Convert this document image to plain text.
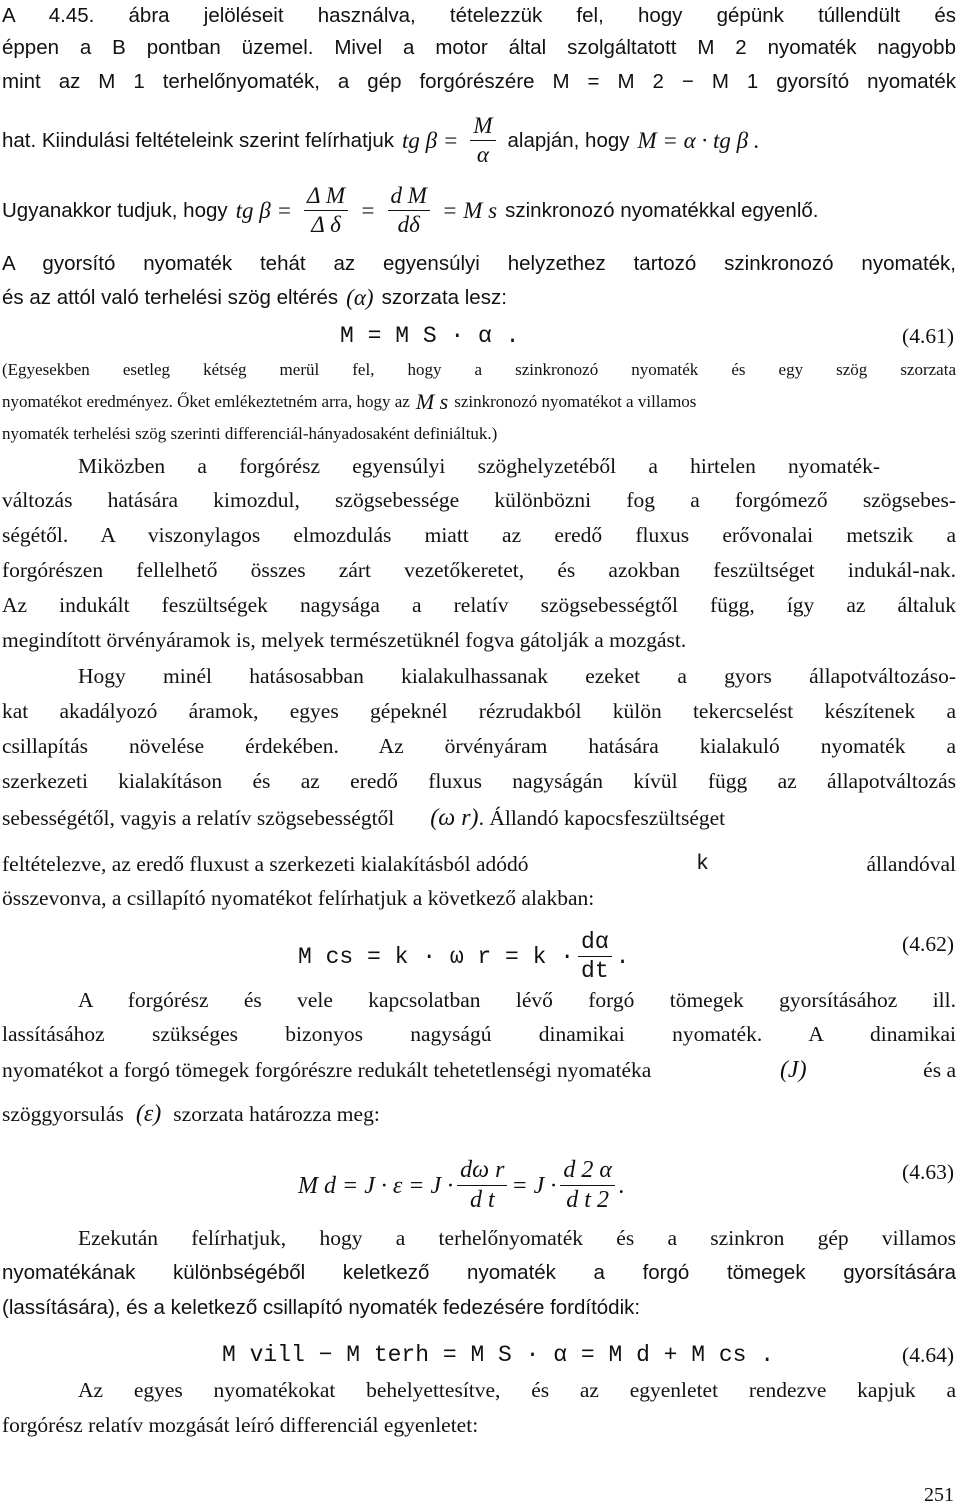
A 4.45. ábra jelöléseit használva, tételezzük fel, hogy gépünk túllendült és
éppen a B pontban üzemel. Mivel a motor által szolgáltatott M 2 nyomaték nagyobb
mint az M 1 terhelőnyomaték, a gép forgórészére M = M 2 − M 1 gyorsító nyomaték
hat. Kiindulási feltételeink szerint felírhatjuk tg $\beta = \frac{M}{\alpha}$ alapján, hogy M = α · tg β .
Ugyanakkor tudjuk, hogy tg $\beta = \frac{\text{Δ M}}{\text{Δ δ}} = \frac{\text{d M}}{d\delta} = M$ s szinkronozó nyomatékkal egyenlő.
A gyorsító nyomaték tehát az egyensúlyi helyzethez tartozó szinkronozó nyomaték,
és az attól való terhelési szög eltérés (α) szorzata lesz:
M = M S · α .	(4.61)
(Egyesekben esetleg kétség merül fel, hogy a szinkronozó nyomaték és egy szög szorzata
nyomatékot eredményez. Őket emlékeztetném arra, hogy az M s szinkronozó nyomatékot a villamos
nyomaték terhelési szög szerinti differenciál-hányadosaként definiáltuk.)
Miközben a forgórész egyensúlyi szöghelyzetéből a hirtelen nyomaték-
változás hatására kimozdul, szögsebessége különbözni fog a forgómező szögsebes-
ségétől. A viszonylagos elmozdulás miatt az eredő fluxus erővonalai metszik a
forgórészen fellelhető összes zárt vezetőkeretet, és azokban feszültséget indukál-nak.
Az indukált feszültségek nagysága a relatív szögsebességtől függ, így az általuk
megindított örvényáramok is, melyek természetüknél fogva gátolják a mozgást.
Hogy minél hatásosabban kialakulhassanak ezeket a gyors állapotváltozáso-
kat akadályozó áramok, egyes gépeknél rézrudakból külön tekercselést készítenek a
csillapítás növelése érdekében. Az örvényáram hatására kialakuló nyomaték a
szerkezeti kialakításon és az eredő fluxus nagyságán kívül függ az állapotváltozás
sebességétől, vagyis a relatív szögsebességtől (ω r) . Állandó kapocsfeszültséget
feltételezve, az eredő fluxust a szerkezeti kialakításból adódó	k	állandóval
összevonva, a csillapító nyomatékot felírhatjuk a következő alakban:
M cs = k · ω $r = k \cdot \frac{d\alpha}{dt}$ .	(4.62)
A forgórész és vele kapcsolatban lévő forgó tömegek gyorsításához ill.
lassításához szükséges bizonyos nagyságú dinamikai nyomaték. A dinamikai
nyomatékot a forgó tömegek forgórészre redukált tehetetlenségi nyomatéka	(J)	és a
szöggyorsulás (ε) szorzata határozza meg:
M $d = J \cdot \varepsilon = J \cdot \frac{\text{dω r}}{\text{d t}} = J \cdot \frac{d 2 \alpha}{\text{d t 2}}$ .
(4.63)
Ezekután felírhatjuk, hogy a terhelőnyomaték és a szinkron gép villamos
nyomatékának különbségéből keletkező nyomaték a forgó tömegek gyorsítására
(lassítására), és a keletkező csillapító nyomaték fedezésére fordítódik:
M vill − M terh = M S · α = M d + M cs .	(4.64)
Az egyes nyomatékokat behelyettesítve, és az egyenletet rendezve kapjuk a
forgórész relatív mozgását leíró differenciál egyenletet:
251
